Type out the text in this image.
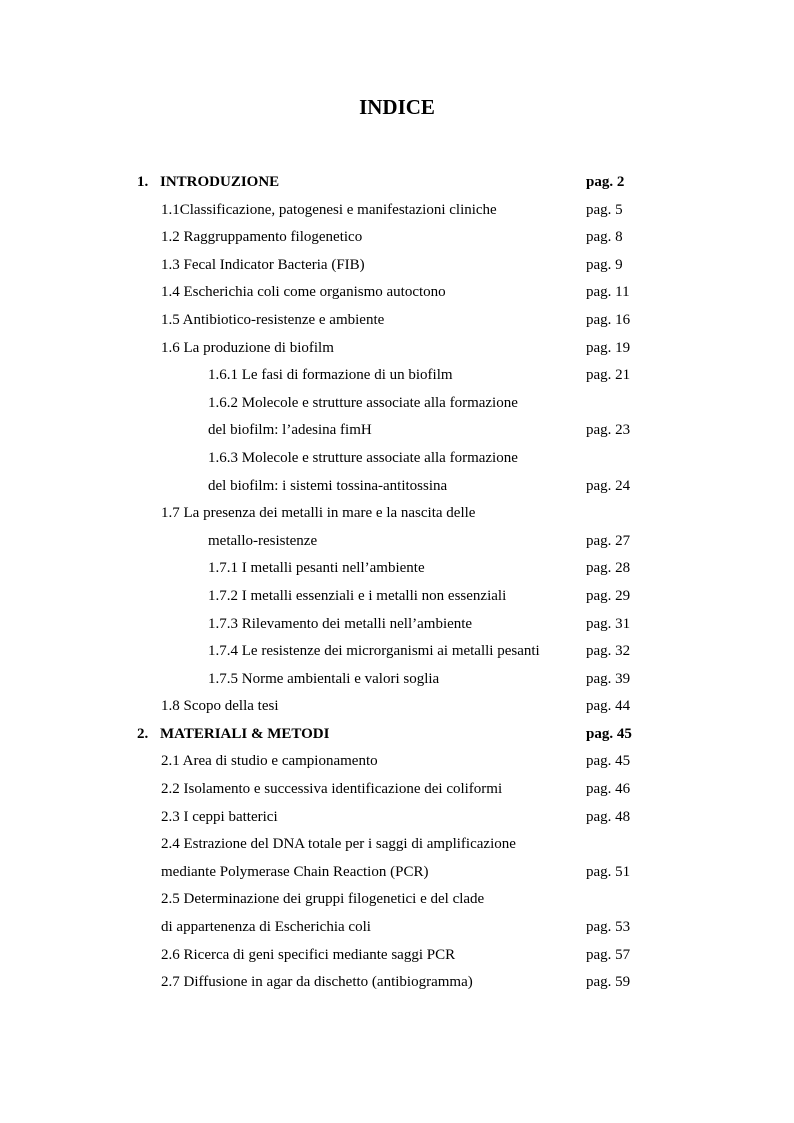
INDICE
1. INTRODUZIONE	pag. 2
1.1Classificazione, patogenesi e manifestazioni cliniche	pag. 5
1.2 Raggruppamento filogenetico	pag. 8
1.3 Fecal Indicator Bacteria (FIB)	pag. 9
1.4 Escherichia coli come organismo autoctono	pag. 11
1.5 Antibiotico-resistenze e ambiente	pag. 16
1.6 La produzione di biofilm	pag. 19
1.6.1 Le fasi di formazione di un biofilm	pag. 21
1.6.2 Molecole e strutture associate alla formazione
del biofilm: l’adesina fimH	pag. 23
1.6.3 Molecole e strutture associate alla formazione
del biofilm: i sistemi tossina-antitossina	pag. 24
1.7 La presenza dei metalli in mare e la nascita delle
metallo-resistenze	pag. 27
1.7.1 I metalli pesanti nell’ambiente	pag. 28
1.7.2 I metalli essenziali e i metalli non essenziali	pag. 29
1.7.3 Rilevamento dei metalli nell’ambiente	pag. 31
1.7.4 Le resistenze dei microrganismi ai metalli pesanti	pag. 32
1.7.5 Norme ambientali e valori soglia	pag. 39
1.8 Scopo della tesi	pag. 44
2. MATERIALI & METODI	pag. 45
2.1 Area di studio e campionamento	pag. 45
2.2 Isolamento e successiva identificazione dei coliformi	pag. 46
2.3 I ceppi batterici	pag. 48
2.4 Estrazione del DNA totale per i saggi di amplificazione
mediante Polymerase Chain Reaction (PCR)	pag. 51
2.5 Determinazione dei gruppi filogenetici e del clade
di appartenenza di Escherichia coli	pag. 53
2.6 Ricerca di geni specifici mediante saggi PCR	pag. 57
2.7 Diffusione in agar da dischetto (antibiogramma)	pag. 59
